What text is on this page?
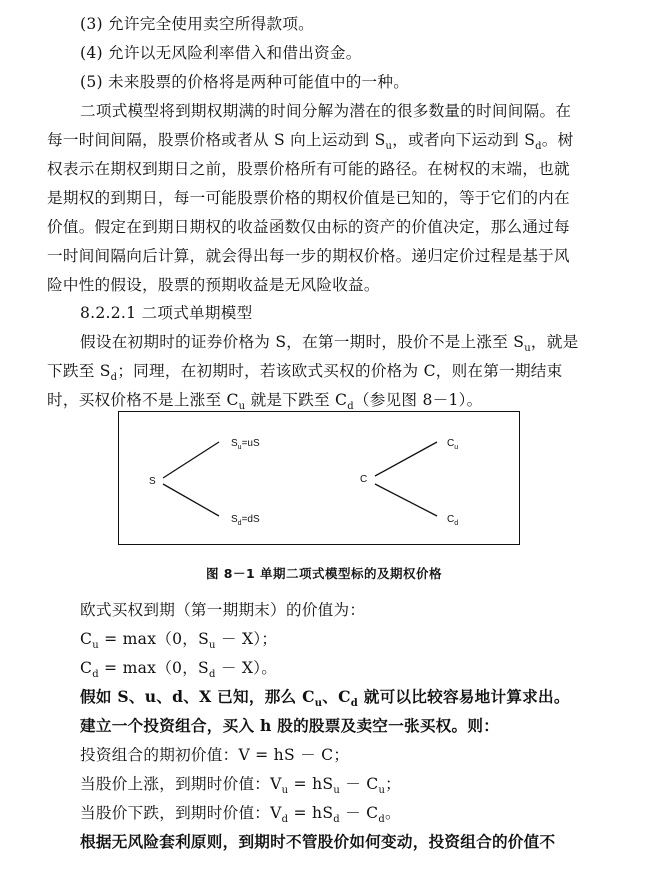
(3) 允许完全使用卖空所得款项。
(4) 允许以无风险利率借入和借出资金。
(5) 未来股票的价格将是两种可能值中的一种。
二项式模型将到期权期满的时间分解为潜在的很多数量的时间间隔。在
每一时间间隔，股票价格或者从 S 向上运动到 $S_u$，或者向下运动到 $S_d$。树
权表示在期权到期日之前，股票价格所有可能的路径。在树权的末端，也就
是期权的到期日，每一可能股票价格的期权价值是已知的，等于它们的内在
价值。假定在到期日期权的收益函数仅由标的资产的价值决定，那么通过每
一时间间隔向后计算，就会得出每一步的期权价格。递归定价过程是基于风
险中性的假设，股票的预期收益是无风险收益。
8.2.2.1 二项式单期模型
假设在初期时的证券价格为 S，在第一期时，股价不是上涨至 $S_u$，就是
下跌至 $S_d$；同理，在初期时，若该欧式买权的价格为 C，则在第一期结束
时，买权价格不是上涨至 $C_u$ 就是下跌至 $C_d$（参见图 8－1）。
欧式买权到期（第一期期末）的价值为：
$C_u = \max(0$，$S_u - X$）；
$C_d = \max(0$，$S_d - X$）。
假如 S、u、d、X 已知，那么 $C_u$、$C_d$ 就可以比较容易地计算求出。
建立一个投资组合，买入 h 股的股票及卖空一张买权。则：
投资组合的期初价值：V = hS － C；
当股价上涨，到期时价值：$V_u = hS_u - C_u$；
当股价下跌，到期时价值：$V_d = hS_d - C_d$。
根据无风险套利原则，到期时不管股价如何变动，投资组合的价值不
S
$S_u=uS$
$S_d=dS$
C
$C_u$
$C_d$
图 8－1 单期二项式模型标的及期权价格
